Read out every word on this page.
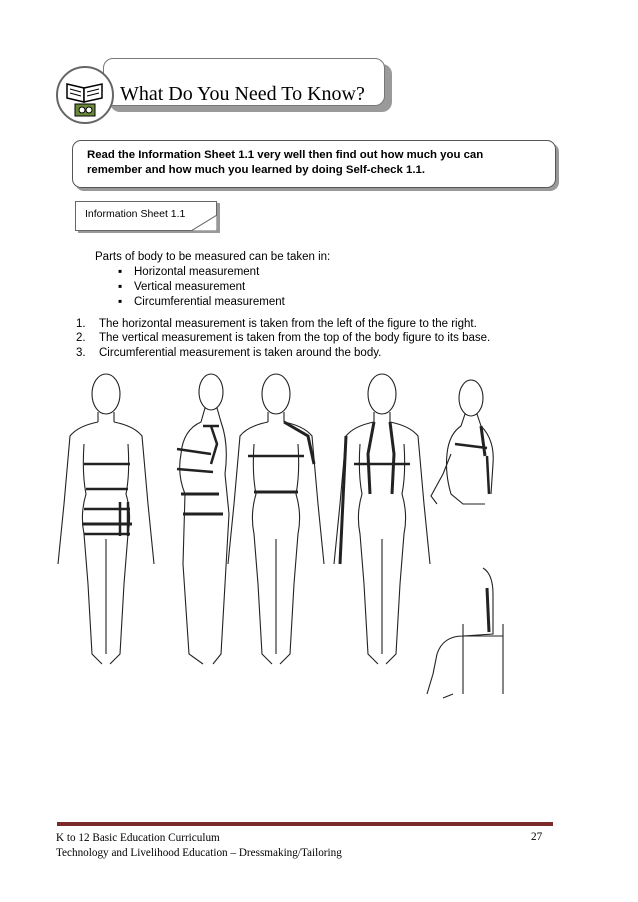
What Do You Need To Know?
Read the Information Sheet 1.1 very well then find out how much you can remember and how much you learned by doing Self-check 1.1.
Information Sheet 1.1
Parts of body to be measured can be taken in:
▪ Horizontal measurement
▪ Vertical measurement
▪ Circumferential measurement
1. The horizontal measurement is taken from the left of the figure to the right.
2. The vertical measurement is taken from the top of the body figure to its base.
3. Circumferential measurement is taken around the body.
K to 12 Basic Education Curriculum
Technology and Livelihood Education – Dressmaking/Tailoring
27
